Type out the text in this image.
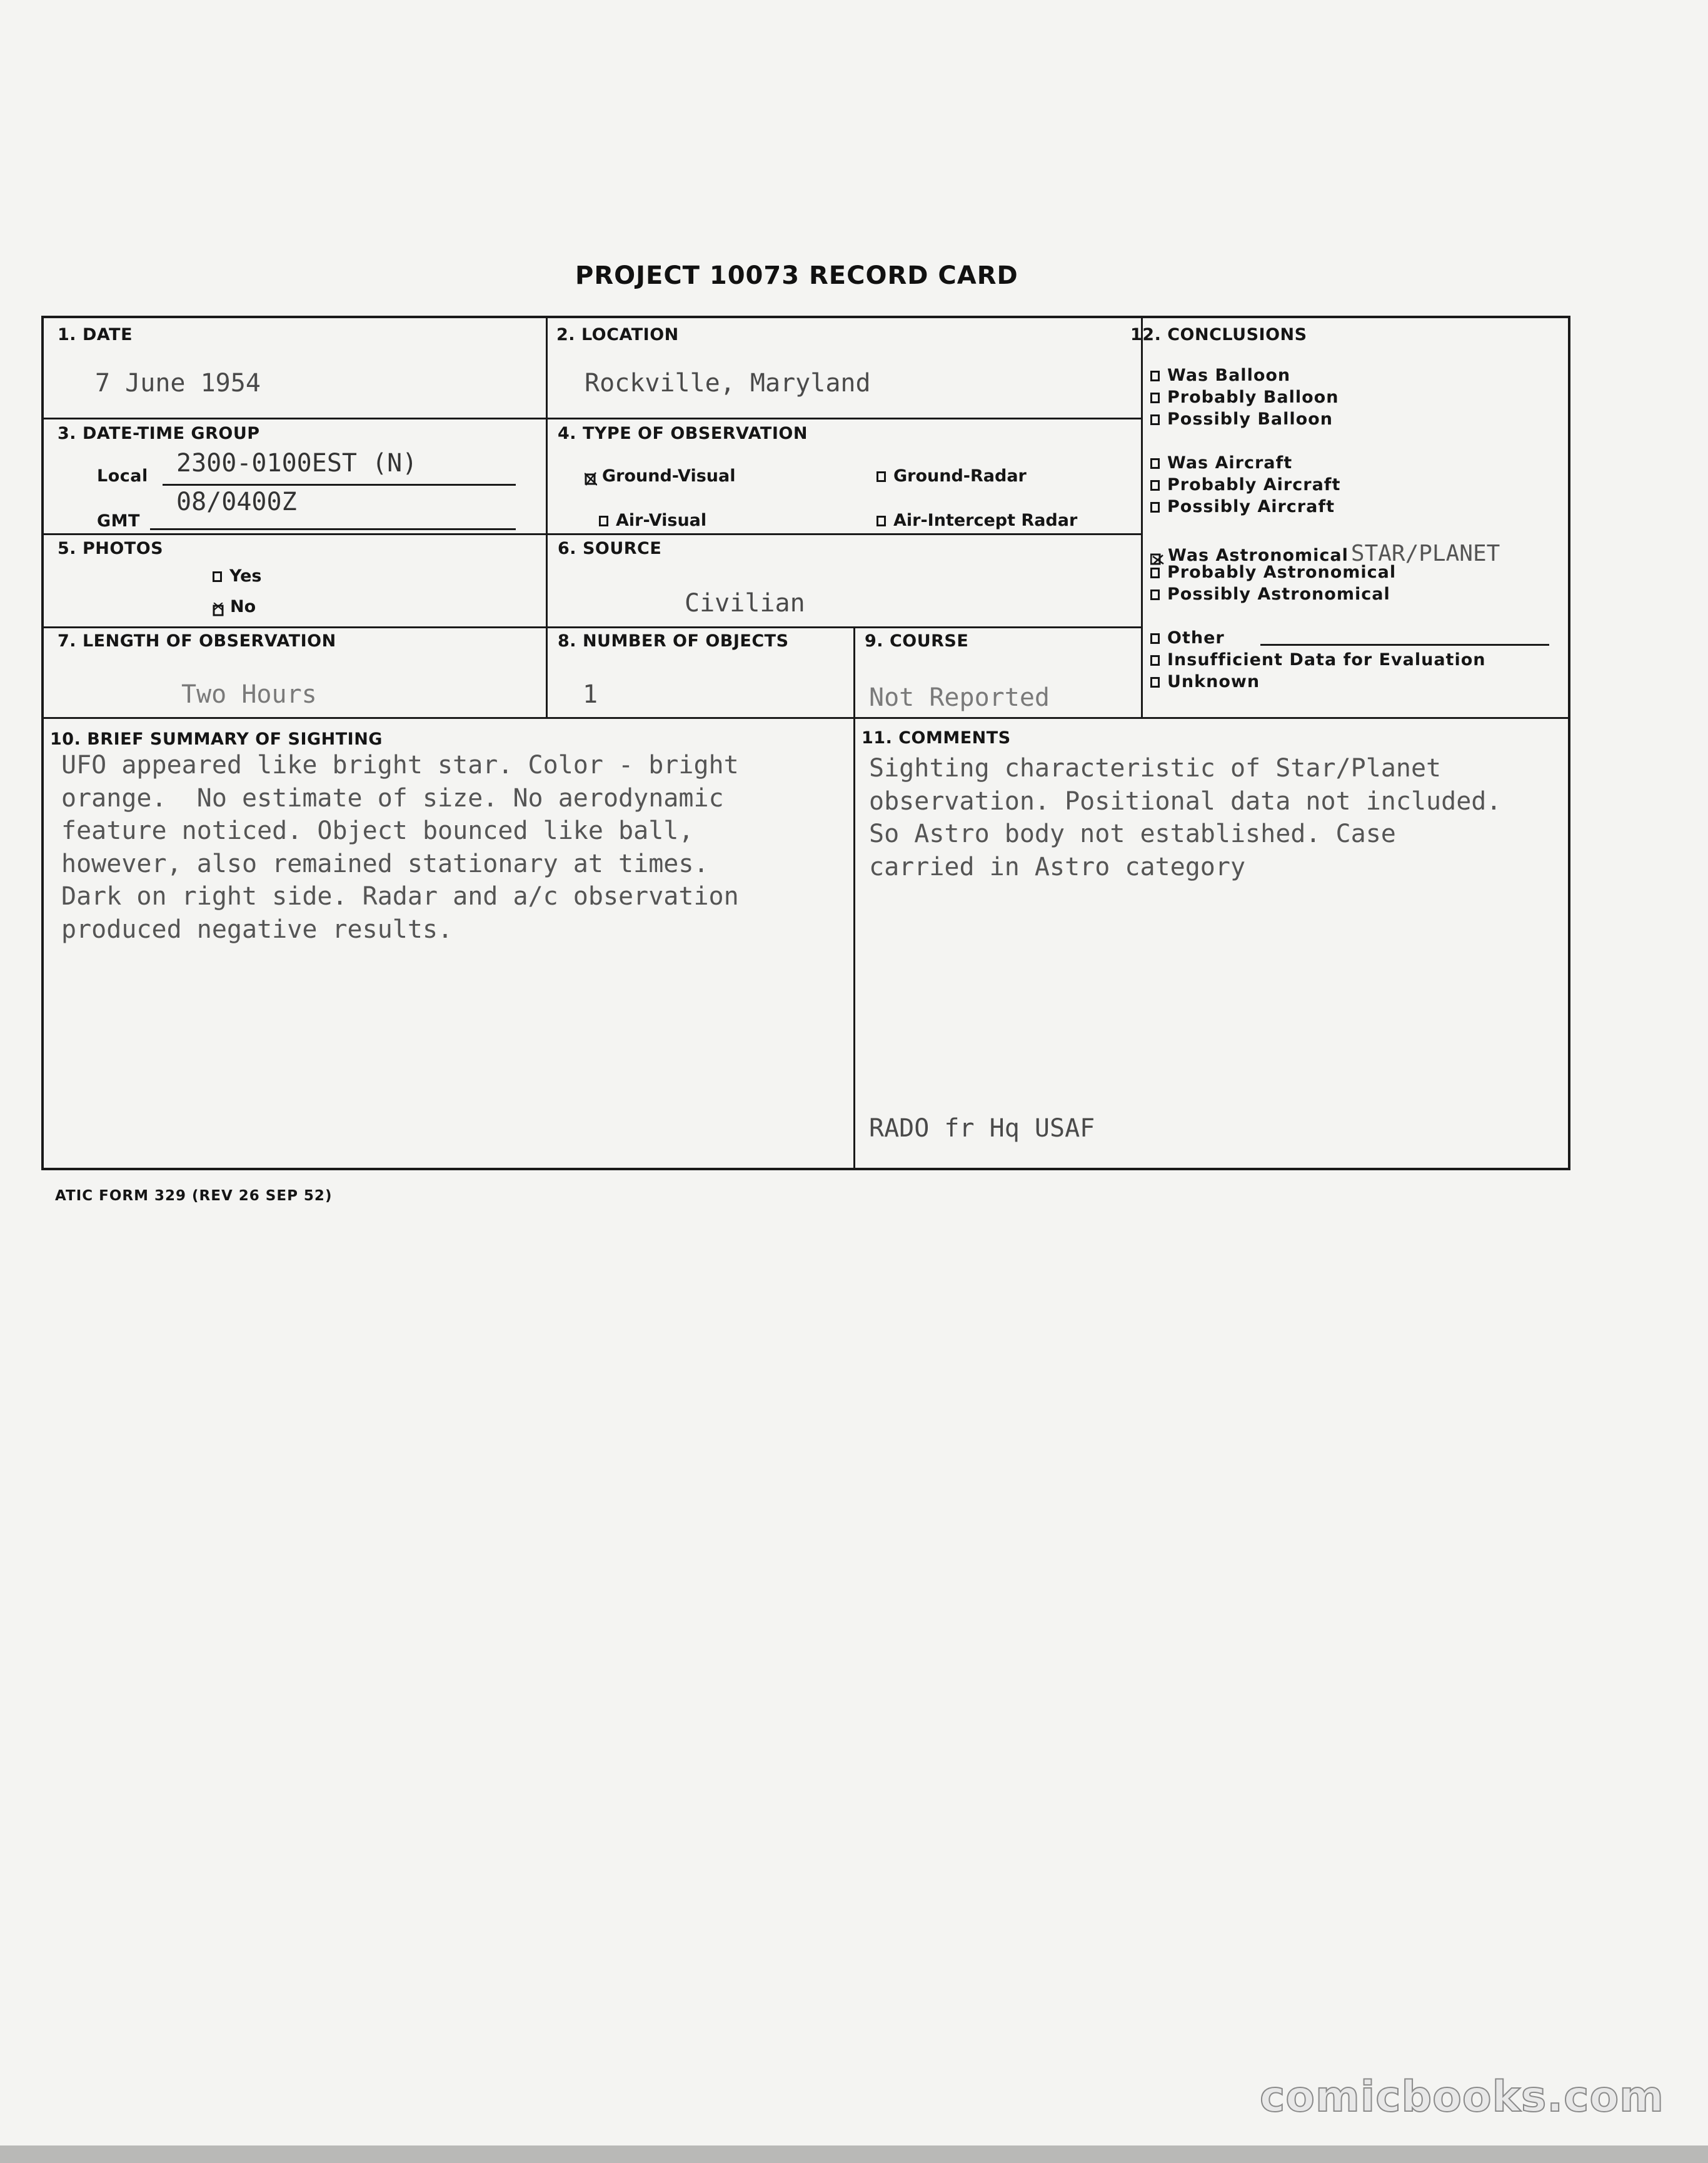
PROJECT 10073 RECORD CARD
1. DATE
7 June 1954
2. LOCATION
Rockville, Maryland
3. DATE-TIME GROUP
Local 2300-0100EST (N)
GMT
08/0400Z
4. TYPE OF OBSERVATION
Ground-Visual	Ground-Radar
Air-Visual	Air-Intercept Radar
5. PHOTOS
Yes
No
6. SOURCE
Civilian
7. LENGTH OF OBSERVATION
Two Hours
8. NUMBER OF OBJECTS
1
9. COURSE
Not Reported
10. BRIEF SUMMARY OF SIGHTING
UFO appeared like bright star. Color - bright
orange.  No estimate of size. No aerodynamic
feature noticed. Object bounced like ball,
however, also remained stationary at times.
Dark on right side. Radar and a/c observation
produced negative results.
11. COMMENTS
Sighting characteristic of Star/Planet
observation. Positional data not included.
So Astro body not established. Case
carried in Astro category
RADO fr Hq USAF
12. CONCLUSIONS
Was Balloon
Probably Balloon
Possibly Balloon
Was Aircraft
Probably Aircraft
Possibly Aircraft
Was Astronomical STAR/PLANET
Probably Astronomical
Possibly Astronomical
Other
Insufficient Data for Evaluation
Unknown
ATIC FORM 329 (REV 26 SEP 52)
comicbooks.com
